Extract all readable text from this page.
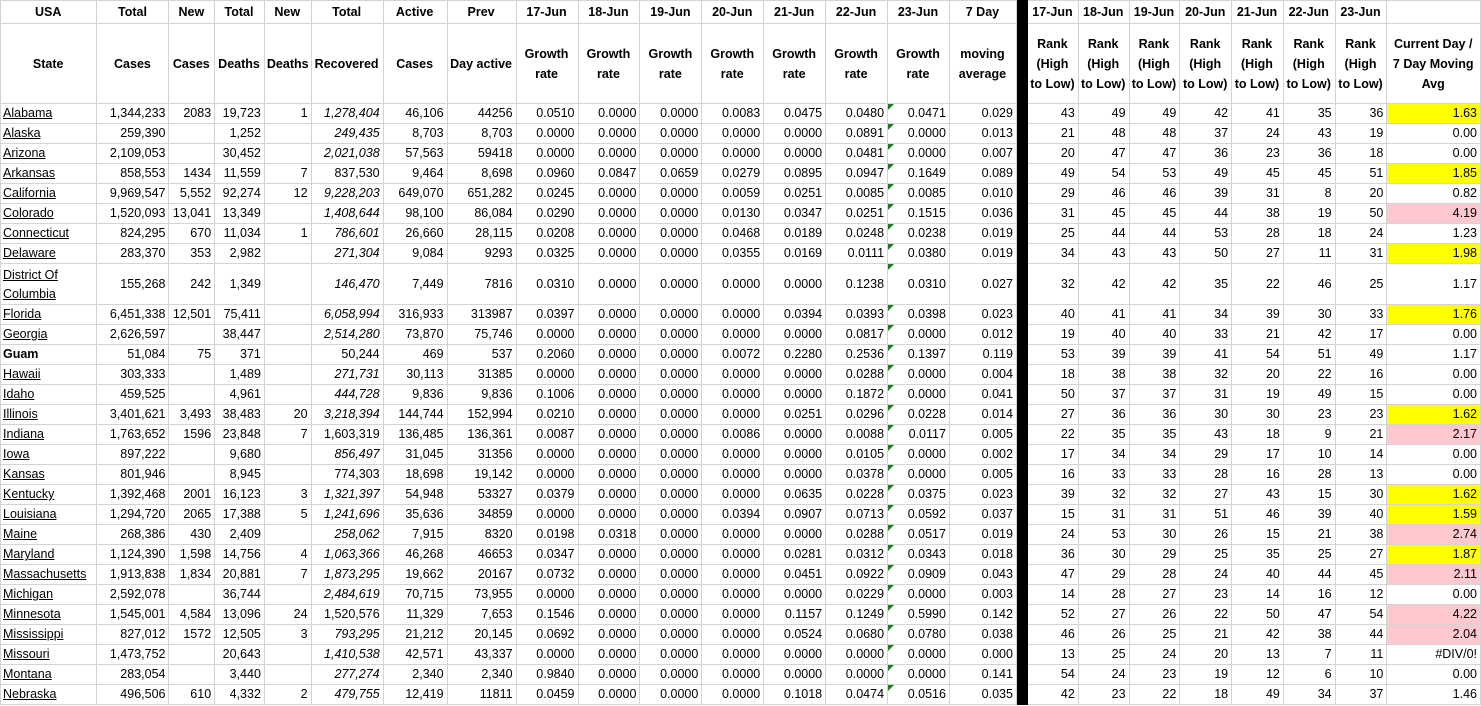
USA	Total	New	Total	New	Total	Active	Prev	17-Jun	18-Jun	19-Jun	20-Jun	21-Jun	22-Jun	23-Jun	7 Day		17-Jun	18-Jun	19-Jun	20-Jun	21-Jun	22-Jun	23-Jun	
State	Cases	Cases	Deaths	Deaths	Recovered	Cases	Day active	Growth rate	Growth rate	Growth rate	Growth rate	Growth rate	Growth rate	Growth rate	moving average		Rank (High to Low)	Rank (High to Low)	Rank (High to Low)	Rank (High to Low)	Rank (High to Low)	Rank (High to Low)	Rank (High to Low)	Current Day / 7 Day Moving Avg
Alabama	1,344,233	2083	19,723	1	1,278,404	46,106	44256	0.0510	0.0000	0.0000	0.0083	0.0475	0.0480	0.0471	0.029		43	49	49	42	41	35	36	1.63
Alaska	259,390		1,252		249,435	8,703	8,703	0.0000	0.0000	0.0000	0.0000	0.0000	0.0891	0.0000	0.013		21	48	48	37	24	43	19	0.00
Arizona	2,109,053		30,452		2,021,038	57,563	59418	0.0000	0.0000	0.0000	0.0000	0.0000	0.0481	0.0000	0.007		20	47	47	36	23	36	18	0.00
Arkansas	858,553	1434	11,559	7	837,530	9,464	8,698	0.0960	0.0847	0.0659	0.0279	0.0895	0.0947	0.1649	0.089		49	54	53	49	45	45	51	1.85
California	9,969,547	5,552	92,274	12	9,228,203	649,070	651,282	0.0245	0.0000	0.0000	0.0059	0.0251	0.0085	0.0085	0.010		29	46	46	39	31	8	20	0.82
Colorado	1,520,093	13,041	13,349		1,408,644	98,100	86,084	0.0290	0.0000	0.0000	0.0130	0.0347	0.0251	0.1515	0.036		31	45	45	44	38	19	50	4.19
Connecticut	824,295	670	11,034	1	786,601	26,660	28,115	0.0208	0.0000	0.0000	0.0468	0.0189	0.0248	0.0238	0.019		25	44	44	53	28	18	24	1.23
Delaware	283,370	353	2,982		271,304	9,084	9293	0.0325	0.0000	0.0000	0.0355	0.0169	0.0111	0.0380	0.019		34	43	43	50	27	11	31	1.98
District Of Columbia	155,268	242	1,349		146,470	7,449	7816	0.0310	0.0000	0.0000	0.0000	0.0000	0.1238	0.0310	0.027		32	42	42	35	22	46	25	1.17
Florida	6,451,338	12,501	75,411		6,058,994	316,933	313987	0.0397	0.0000	0.0000	0.0000	0.0394	0.0393	0.0398	0.023		40	41	41	34	39	30	33	1.76
Georgia	2,626,597		38,447		2,514,280	73,870	75,746	0.0000	0.0000	0.0000	0.0000	0.0000	0.0817	0.0000	0.012		19	40	40	33	21	42	17	0.00
Guam	51,084	75	371		50,244	469	537	0.2060	0.0000	0.0000	0.0072	0.2280	0.2536	0.1397	0.119		53	39	39	41	54	51	49	1.17
Hawaii	303,333		1,489		271,731	30,113	31385	0.0000	0.0000	0.0000	0.0000	0.0000	0.0288	0.0000	0.004		18	38	38	32	20	22	16	0.00
Idaho	459,525		4,961		444,728	9,836	9,836	0.1006	0.0000	0.0000	0.0000	0.0000	0.1872	0.0000	0.041		50	37	37	31	19	49	15	0.00
Illinois	3,401,621	3,493	38,483	20	3,218,394	144,744	152,994	0.0210	0.0000	0.0000	0.0000	0.0251	0.0296	0.0228	0.014		27	36	36	30	30	23	23	1.62
Indiana	1,763,652	1596	23,848	7	1,603,319	136,485	136,361	0.0087	0.0000	0.0000	0.0086	0.0000	0.0088	0.0117	0.005		22	35	35	43	18	9	21	2.17
Iowa	897,222		9,680		856,497	31,045	31356	0.0000	0.0000	0.0000	0.0000	0.0000	0.0105	0.0000	0.002		17	34	34	29	17	10	14	0.00
Kansas	801,946		8,945		774,303	18,698	19,142	0.0000	0.0000	0.0000	0.0000	0.0000	0.0378	0.0000	0.005		16	33	33	28	16	28	13	0.00
Kentucky	1,392,468	2001	16,123	3	1,321,397	54,948	53327	0.0379	0.0000	0.0000	0.0000	0.0635	0.0228	0.0375	0.023		39	32	32	27	43	15	30	1.62
Louisiana	1,294,720	2065	17,388	5	1,241,696	35,636	34859	0.0000	0.0000	0.0000	0.0394	0.0907	0.0713	0.0592	0.037		15	31	31	51	46	39	40	1.59
Maine	268,386	430	2,409		258,062	7,915	8320	0.0198	0.0318	0.0000	0.0000	0.0000	0.0288	0.0517	0.019		24	53	30	26	15	21	38	2.74
Maryland	1,124,390	1,598	14,756	4	1,063,366	46,268	46653	0.0347	0.0000	0.0000	0.0000	0.0281	0.0312	0.0343	0.018		36	30	29	25	35	25	27	1.87
Massachusetts	1,913,838	1,834	20,881	7	1,873,295	19,662	20167	0.0732	0.0000	0.0000	0.0000	0.0451	0.0922	0.0909	0.043		47	29	28	24	40	44	45	2.11
Michigan	2,592,078		36,744		2,484,619	70,715	73,955	0.0000	0.0000	0.0000	0.0000	0.0000	0.0229	0.0000	0.003		14	28	27	23	14	16	12	0.00
Minnesota	1,545,001	4,584	13,096	24	1,520,576	11,329	7,653	0.1546	0.0000	0.0000	0.0000	0.1157	0.1249	0.5990	0.142		52	27	26	22	50	47	54	4.22
Mississippi	827,012	1572	12,505	3	793,295	21,212	20,145	0.0692	0.0000	0.0000	0.0000	0.0524	0.0680	0.0780	0.038		46	26	25	21	42	38	44	2.04
Missouri	1,473,752		20,643		1,410,538	42,571	43,337	0.0000	0.0000	0.0000	0.0000	0.0000	0.0000	0.0000	0.000		13	25	24	20	13	7	11	#DIV/0!
Montana	283,054		3,440		277,274	2,340	2,340	0.9840	0.0000	0.0000	0.0000	0.0000	0.0000	0.0000	0.141		54	24	23	19	12	6	10	0.00
Nebraska	496,506	610	4,332	2	479,755	12,419	11811	0.0459	0.0000	0.0000	0.0000	0.1018	0.0474	0.0516	0.035		42	23	22	18	49	34	37	1.46
